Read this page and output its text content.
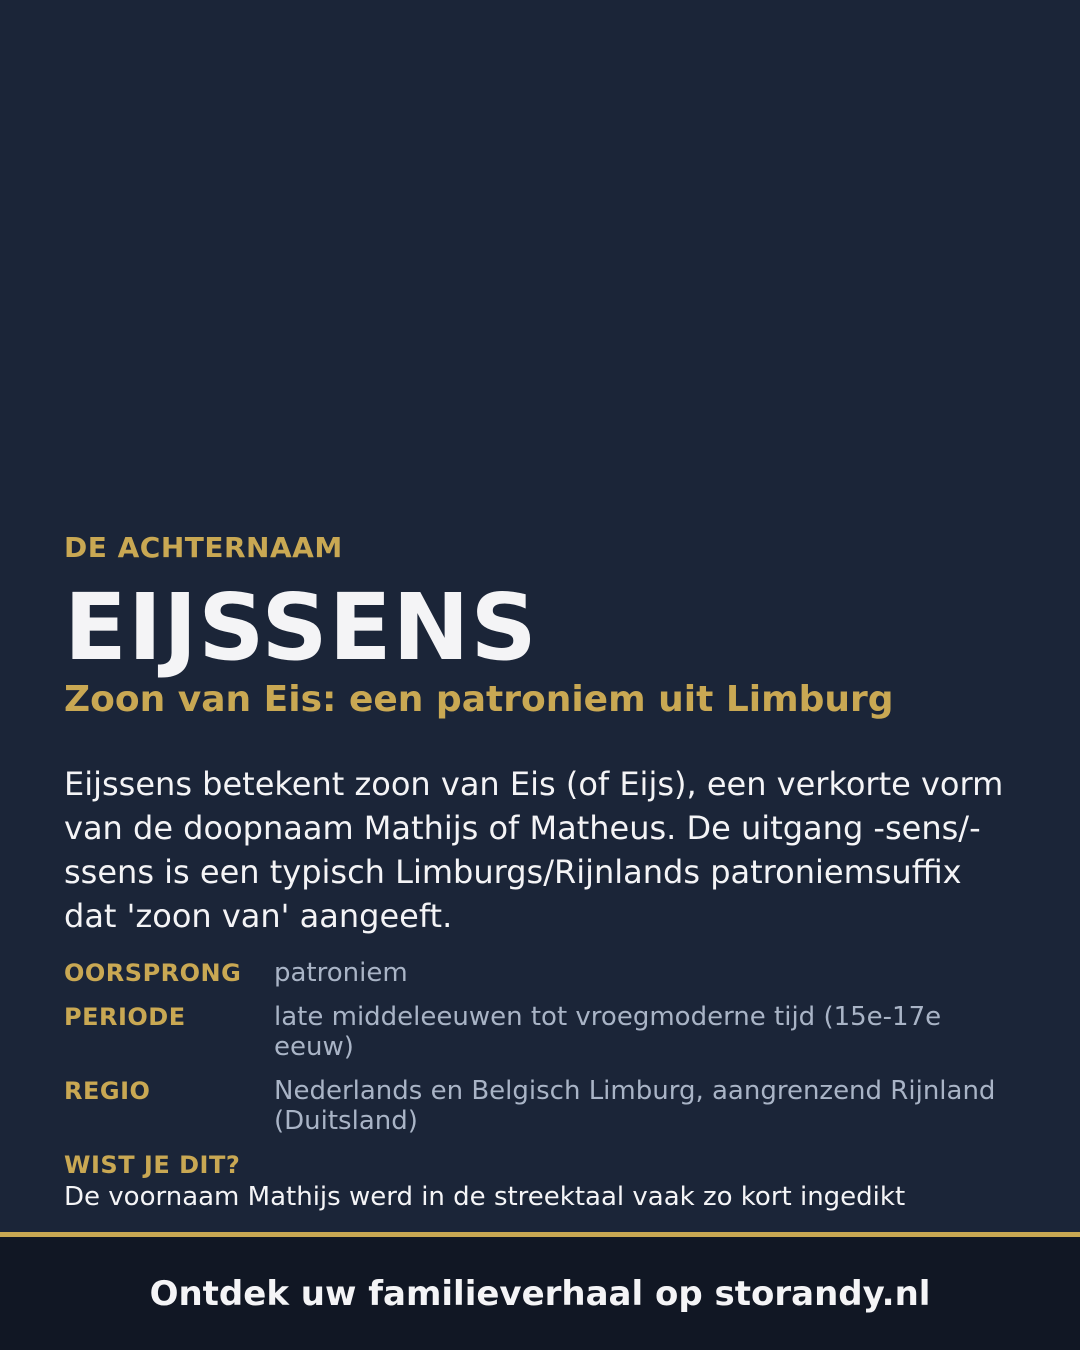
DE ACHTERNAAM
EIJSSENS
Zoon van Eis: een patroniem uit Limburg
Eijssens betekent zoon van Eis (of Eijs), een verkorte vorm van de doopnaam Mathijs of Matheus. De uitgang -sens/-ssens is een typisch Limburgs/Rijnlands patroniemsuffix dat 'zoon van' aangeeft.
OORSPRONG	patroniem
PERIODE	late middeleeuwen tot vroegmoderne tijd (15e-17e eeuw)
REGIO	Nederlands en Belgisch Limburg, aangrenzend Rijnland (Duitsland)
WIST JE DIT?
De voornaam Mathijs werd in de streektaal vaak zo kort ingedikt
Ontdek uw familieverhaal op storandy.nl
